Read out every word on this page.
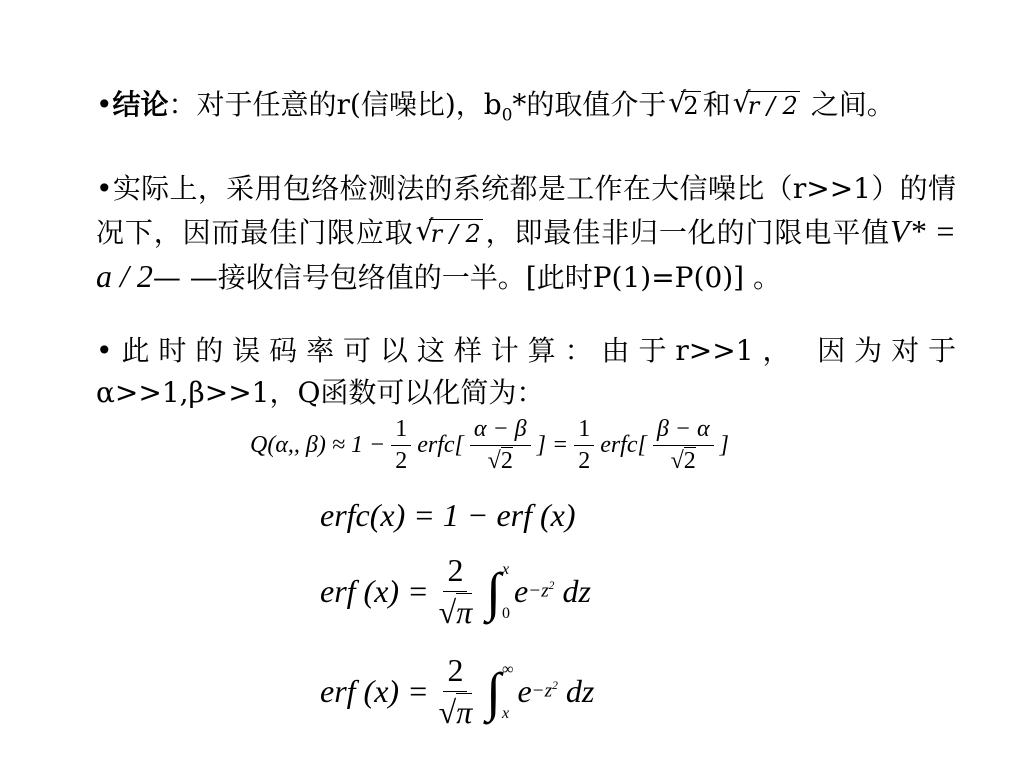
•结论：对于任意的r(信噪比)，$b_0*$的取值介于 √
2 和 √
r / 2 之间。

•实际上，采用包络检测法的系统都是工作在大信噪比（r>>1）的情况下，因而最佳门限应取 √
r / 2 ，即最佳非归一化的门限电平值V* = a / 2— —接收信号包络值的一半。[此时P(1)=P(0)] 。

•此时的误码率可以这样计算：由于r>>1， 因为对于α>>1,β>>1，Q函数可以化简为：

Q(α,, $\beta) \approx 1 - \frac{1}{2}$ erfc[ $\frac{\alpha - \beta}{√2}$ ] = $\frac{1}{2}$ erfc[ $\frac{\beta - \alpha}{√2}$ ]
erfc(x) = 1 − erf (x)
erf $(x) = \frac{2}{√\pi}$ ∫ x
0
$e -z^2$
dz
erf $(x) = \frac{2}{√\pi}$ ∫ ∞
x
$e -z^2$
dz
